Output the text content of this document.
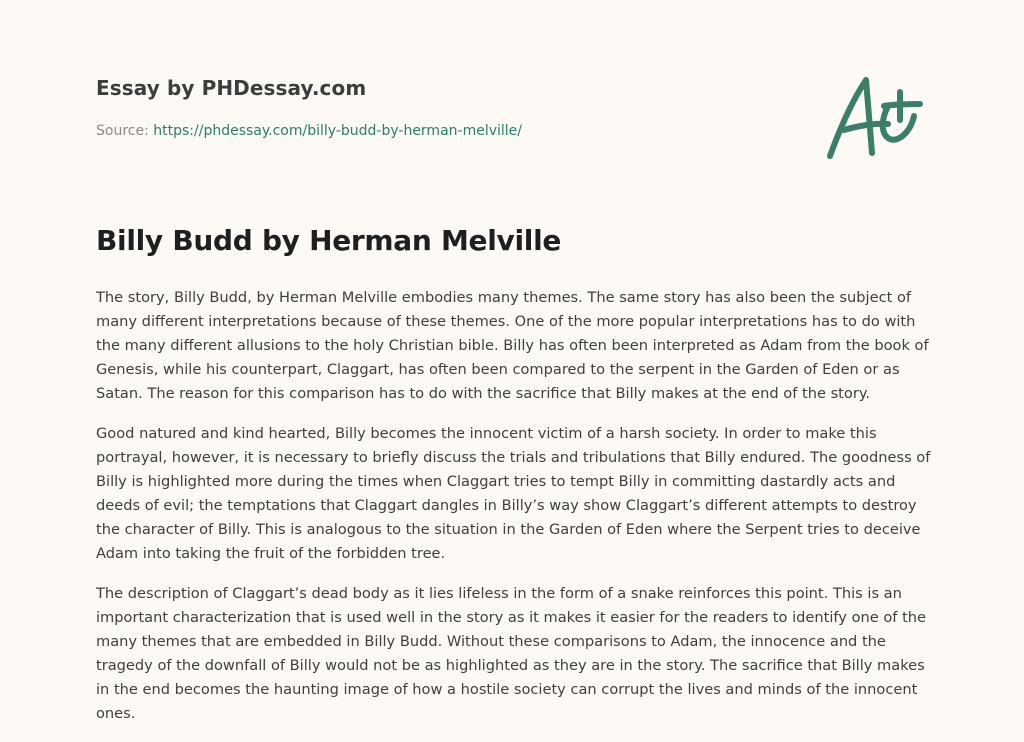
Essay by PHDessay.com
Source: https://phdessay.com/billy-budd-by-herman-melville/
Billy Budd by Herman Melville

The story, Billy Budd, by Herman Melville embodies many themes. The same story has also been the subject of many different interpretations because of these themes. One of the more popular interpretations has to do with the many different allusions to the holy Christian bible. Billy has often been interpreted as Adam from the book of Genesis, while his counterpart, Claggart, has often been compared to the serpent in the Garden of Eden or as Satan. The reason for this comparison has to do with the sacrifice that Billy makes at the end of the story.

Good natured and kind hearted, Billy becomes the innocent victim of a harsh society. In order to make this portrayal, however, it is necessary to briefly discuss the trials and tribulations that Billy endured. The goodness of Billy is highlighted more during the times when Claggart tries to tempt Billy in committing dastardly acts and deeds of evil; the temptations that Claggart dangles in Billy’s way show Claggart’s different attempts to destroy the character of Billy. This is analogous to the situation in the Garden of Eden where the Serpent tries to deceive Adam into taking the fruit of the forbidden tree.

The description of Claggart’s dead body as it lies lifeless in the form of a snake reinforces this point. This is an important characterization that is used well in the story as it makes it easier for the readers to identify one of the many themes that are embedded in Billy Budd. Without these comparisons to Adam, the innocence and the tragedy of the downfall of Billy would not be as highlighted as they are in the story. The sacrifice that Billy makes in the end becomes the haunting image of how a hostile society can corrupt the lives and minds of the innocent ones.
